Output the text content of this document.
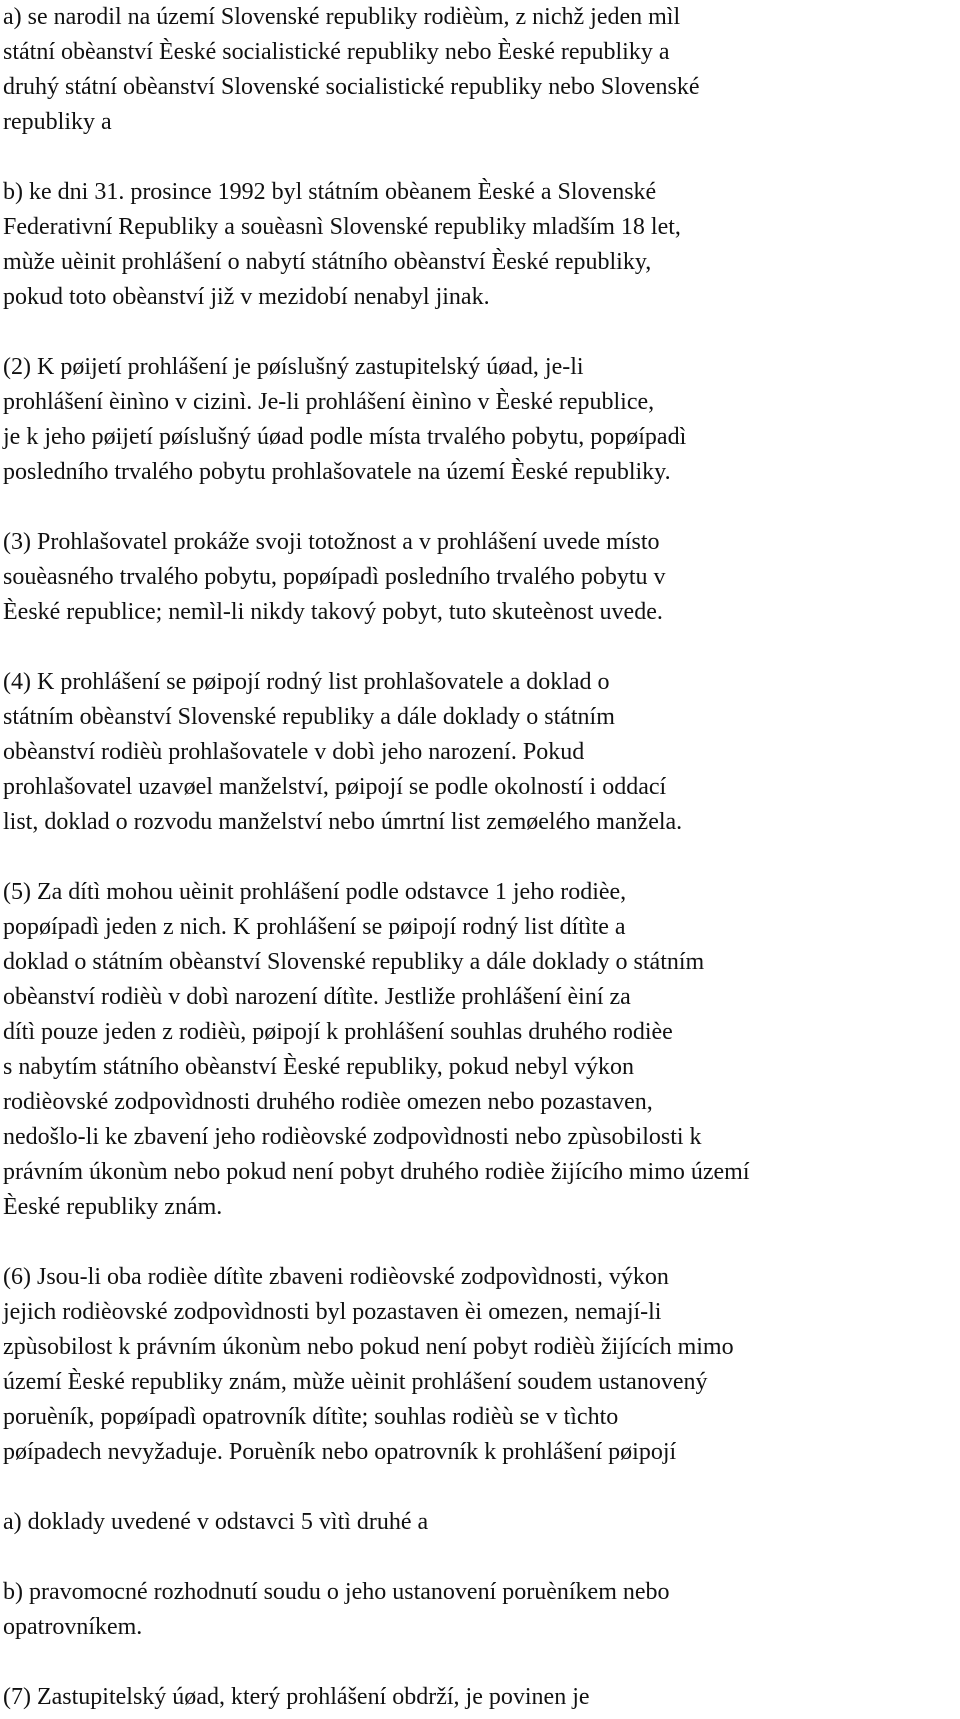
a) se narodil na území Slovenské republiky rodièùm, z nichž jeden mìl
státní obèanství Èeské socialistické republiky nebo Èeské republiky a
druhý státní obèanství Slovenské socialistické republiky nebo Slovenské
republiky a
b) ke dni 31. prosince 1992 byl státním obèanem Èeské a Slovenské
Federativní Republiky a souèasnì Slovenské republiky mladším 18 let,
mùže uèinit prohlášení o nabytí státního obèanství Èeské republiky,
pokud toto obèanství již v mezidobí nenabyl jinak.
(2) K pøijetí prohlášení je pøíslušný zastupitelský úøad, je-li
prohlášení èinìno v cizinì. Je-li prohlášení èinìno v Èeské republice,
je k jeho pøijetí pøíslušný úøad podle místa trvalého pobytu, popøípadì
posledního trvalého pobytu prohlašovatele na území Èeské republiky.
(3) Prohlašovatel prokáže svoji totožnost a v prohlášení uvede místo
souèasného trvalého pobytu, popøípadì posledního trvalého pobytu v
Èeské republice; nemìl-li nikdy takový pobyt, tuto skuteènost uvede.
(4) K prohlášení se pøipojí rodný list prohlašovatele a doklad o
státním obèanství Slovenské republiky a dále doklady o státním
obèanství rodièù prohlašovatele v dobì jeho narození. Pokud
prohlašovatel uzavøel manželství, pøipojí se podle okolností i oddací
list, doklad o rozvodu manželství nebo úmrtní list zemøelého manžela.
(5) Za dítì mohou uèinit prohlášení podle odstavce 1 jeho rodièe,
popøípadì jeden z nich. K prohlášení se pøipojí rodný list dítìte a
doklad o státním obèanství Slovenské republiky a dále doklady o státním
obèanství rodièù v dobì narození dítìte. Jestliže prohlášení èiní za
dítì pouze jeden z rodièù, pøipojí k prohlášení souhlas druhého rodièe
s nabytím státního obèanství Èeské republiky, pokud nebyl výkon
rodièovské zodpovìdnosti druhého rodièe omezen nebo pozastaven,
nedošlo-li ke zbavení jeho rodièovské zodpovìdnosti nebo zpùsobilosti k
právním úkonùm nebo pokud není pobyt druhého rodièe žijícího mimo území
Èeské republiky znám.
(6) Jsou-li oba rodièe dítìte zbaveni rodièovské zodpovìdnosti, výkon
jejich rodièovské zodpovìdnosti byl pozastaven èi omezen, nemají-li
zpùsobilost k právním úkonùm nebo pokud není pobyt rodièù žijících mimo
území Èeské republiky znám, mùže uèinit prohlášení soudem ustanovený
poruèník, popøípadì opatrovník dítìte; souhlas rodièù se v tìchto
pøípadech nevyžaduje. Poruèník nebo opatrovník k prohlášení pøipojí
a) doklady uvedené v odstavci 5 vìtì druhé a
b) pravomocné rozhodnutí soudu o jeho ustanovení poruèníkem nebo
opatrovníkem.
(7) Zastupitelský úøad, který prohlášení obdrží, je povinen je
